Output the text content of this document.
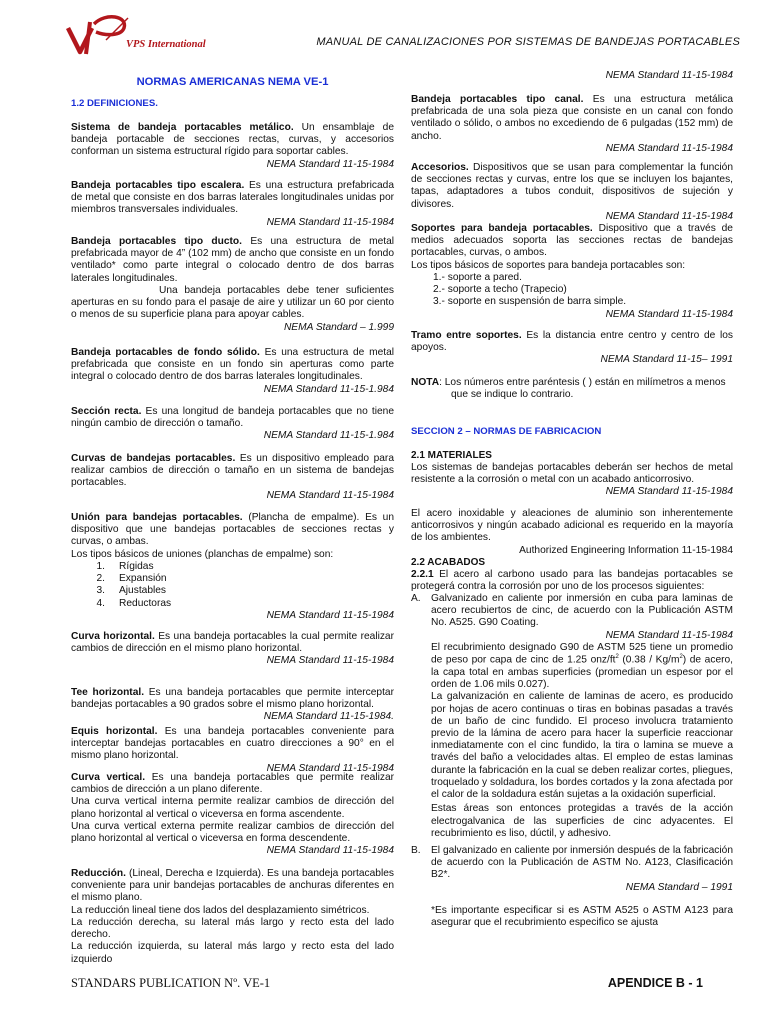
VPS International	MANUAL DE CANALIZACIONES POR SISTEMAS DE BANDEJAS PORTACABLES
NORMAS AMERICANAS NEMA VE-1
1.2 DEFINICIONES.
Sistema de bandeja portacables metálico. Un ensamblaje de bandeja portacable de secciones rectas, curvas, y accesorios conforman un sistema estructural rígido para soportar cables.
NEMA Standard 11-15-1984
Bandeja portacables tipo escalera. Es una estructura prefabricada de metal que consiste en dos barras laterales longitudinales unidas por miembros transversales individuales.
NEMA Standard 11-15-1984
Bandeja portacables tipo ducto. Es una estructura de metal prefabricada mayor de 4” (102 mm) de ancho que consiste en un fondo ventilado* como parte integral o colocado dentro de dos barras laterales longitudinales.
Una bandeja portacables debe tener suficientes aperturas en su fondo para el pasaje de aire y utilizar un 60 por ciento o menos de su superficie plana para apoyar cables.
NEMA Standard – 1.999
Bandeja portacables de fondo sólido. Es una estructura de metal prefabricada que consiste en un fondo sin aperturas como parte integral o colocado dentro de dos barras laterales longitudinales.
NEMA Standard 11-15-1.984
Sección recta. Es una longitud de bandeja portacables que no tiene ningún cambio de dirección o tamaño.
NEMA Standard 11-15-1.984
Curvas de bandejas portacables. Es un dispositivo empleado para realizar cambios de dirección o tamaño en un sistema de bandejas portacables.
NEMA Standard 11-15-1984
Unión para bandejas portacables. (Plancha de empalme). Es un dispositivo que une bandejas portacables de secciones rectas y curvas, o ambas.
Los tipos básicos de uniones (planchas de empalme) son:
1. Rígidas
2. Expansión
3. Ajustables
4. Reductoras
NEMA Standard 11-15-1984
Curva horizontal. Es una bandeja portacables la cual permite realizar cambios de dirección en el mismo plano horizontal.
NEMA Standard 11-15-1984
Tee horizontal. Es una bandeja portacables que permite interceptar bandejas portacables a 90 grados sobre el mismo plano horizontal.
NEMA Standard 11-15-1984.
Equis horizontal. Es una bandeja portacables conveniente para interceptar bandejas portacables en cuatro direcciones a 90° en el mismo plano horizontal.
NEMA Standard 11-15-1984
Curva vertical. Es una bandeja portacables que permite realizar cambios de dirección a un plano diferente.
Una curva vertical interna permite realizar cambios de dirección del plano horizontal al vertical o viceversa en forma ascendente.
Una curva vertical externa permite realizar cambios de dirección del plano horizontal al vertical o viceversa en forma descendente.
NEMA Standard 11-15-1984
Reducción. (Lineal, Derecha e Izquierda). Es una bandeja portacables conveniente para unir bandejas portacables de anchuras diferentes en el mismo plano.
La reducción lineal tiene dos lados del desplazamiento simétricos.
La reducción derecha, su lateral más largo y recto esta del lado derecho.
La reducción izquierda, su lateral más largo y recto esta del lado izquierdo
NEMA Standard 11-15-1984
Bandeja portacables tipo canal. Es una estructura metálica prefabricada de una sola pieza que consiste en un canal con fondo ventilado o sólido, o ambos no excediendo de 6 pulgadas (152 mm) de ancho.
NEMA Standard 11-15-1984
Accesorios. Dispositivos que se usan para complementar la función de secciones rectas y curvas, entre los que se incluyen los bajantes, tapas, adaptadores a tubos conduit, dispositivos de sujeción y divisores.
NEMA Standard 11-15-1984
Soportes para bandeja portacables. Dispositivo que a través de medios adecuados soporta las secciones rectas de bandejas portacables, curvas, o ambos.
Los tipos básicos de soportes para bandeja portacables son:
1.- soporte a pared.
2.- soporte a techo (Trapecio)
3.- soporte en suspensión de barra simple.
NEMA Standard 11-15-1984
Tramo entre soportes. Es la distancia entre centro y centro de los apoyos.
NEMA Standard 11-15– 1991
NOTA: Los números entre paréntesis ( ) están en milímetros a menos
que se indique lo contrario.
SECCION 2 – NORMAS DE FABRICACION
2.1 MATERIALES
Los sistemas de bandejas portacables deberán ser hechos de metal resistente a la corrosión o metal con un acabado anticorrosivo.
NEMA Standard 11-15-1984
El acero inoxidable y aleaciones de aluminio son inherentemente anticorrosivos y ningún acabado adicional es requerido en la mayoría de los ambientes.
Authorized Engineering Information 11-15-1984
2.2 ACABADOS
2.2.1 El acero al carbono usado para las bandejas portacables se protegerá contra la corrosión por uno de los procesos siguientes:
A. Galvanizado en caliente por inmersión en cuba para laminas de acero recubiertos de cinc, de acuerdo con la Publicación ASTM No. A525. G90 Coating.
NEMA Standard 11-15-1984
El recubrimiento designado G90 de ASTM 525 tiene un promedio de peso por capa de cinc de 1.25 onz/$ft^2$ $(0.38 / Kg/m^2)$ de acero, la capa total en ambas superficies (promedian un espesor por el orden de 1.06 mils 0.027).
La galvanización en caliente de laminas de acero, es producido por hojas de acero continuas o tiras en bobinas pasadas a través de un baño de cinc fundido. El proceso involucra tratamiento previo de la lámina de acero para hacer la superficie reaccionar inmediatamente con el cinc fundido, la tira o lamina se mueve a través del baño a velocidades altas. El empleo de estas laminas durante la fabricación en la cual se deben realizar cortes, pliegues, troquelado y soldadura, los bordes cortados y la zona afectada por el calor de la soldadura están sujetas a la oxidación superficial.
Estas áreas son entonces protegidas a través de la acción electrogalvanica de las superficies de cinc adyacentes. El recubrimiento es liso, dúctil, y adhesivo.
B. El galvanizado en caliente por inmersión después de la fabricación de acuerdo con la Publicación de ASTM No. A123, Clasificación B2*.
NEMA Standard – 1991
*Es importante especificar si es ASTM A525 o ASTM A123 para asegurar que el recubrimiento especifico se ajusta
STANDARS PUBLICATION Nº. VE-1	APENDICE B - 1
